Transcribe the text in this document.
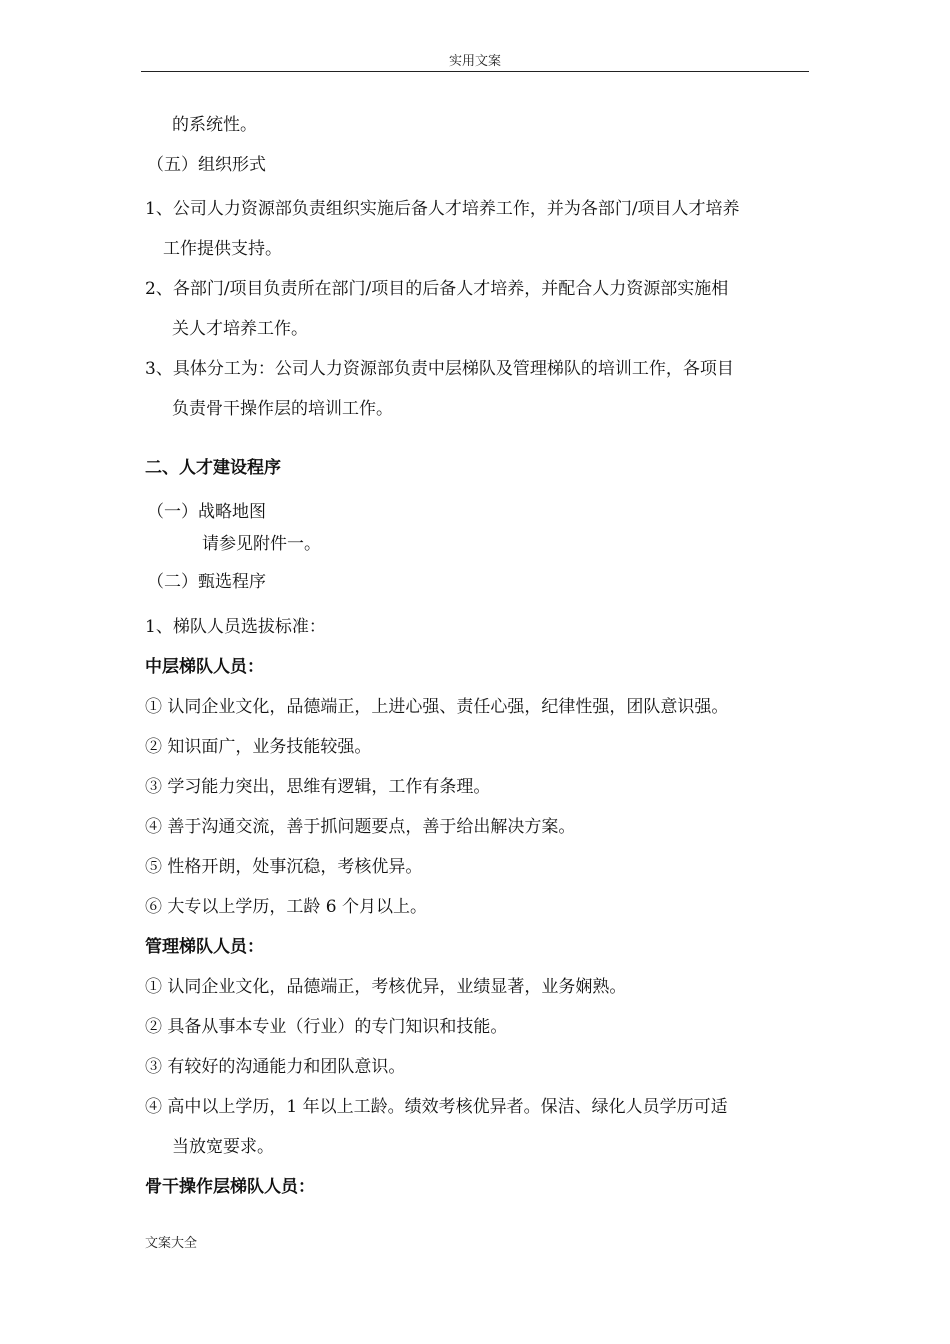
实用文案
的系统性。
（五）组织形式
1、公司人力资源部负责组织实施后备人才培养工作，并为各部门/项目人才培养
工作提供支持。
2、各部门/项目负责所在部门/项目的后备人才培养，并配合人力资源部实施相
关人才培养工作。
3、具体分工为：公司人力资源部负责中层梯队及管理梯队的培训工作，各项目
负责骨干操作层的培训工作。
二、人才建设程序
（一）战略地图
请参见附件一。
（二）甄选程序
1、梯队人员选拔标准：
中层梯队人员：
① 认同企业文化，品德端正，上进心强、责任心强，纪律性强，团队意识强。
② 知识面广，业务技能较强。
③ 学习能力突出，思维有逻辑，工作有条理。
④ 善于沟通交流，善于抓问题要点，善于给出解决方案。
⑤ 性格开朗，处事沉稳，考核优异。
⑥ 大专以上学历，工龄 6 个月以上。
管理梯队人员：
① 认同企业文化，品德端正，考核优异，业绩显著，业务娴熟。
② 具备从事本专业（行业）的专门知识和技能。
③ 有较好的沟通能力和团队意识。
④ 高中以上学历，1 年以上工龄。绩效考核优异者。保洁、绿化人员学历可适
当放宽要求。
骨干操作层梯队人员：
文案大全
